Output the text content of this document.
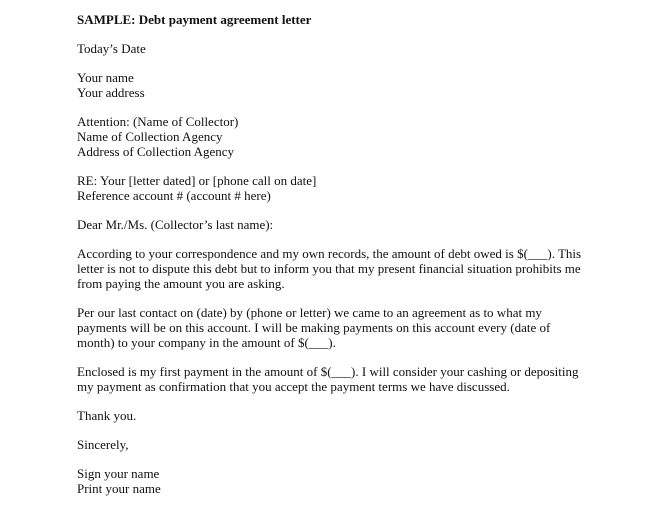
SAMPLE: Debt payment agreement letter
Today’s Date
Your name
Your address
Attention: (Name of Collector)
Name of Collection Agency
Address of Collection Agency
RE: Your [letter dated] or [phone call on date]
Reference account # (account # here)
Dear Mr./Ms. (Collector’s last name):
According to your correspondence and my own records, the amount of debt owed is $(___). This
letter is not to dispute this debt but to inform you that my present financial situation prohibits me
from paying the amount you are asking.
Per our last contact on (date) by (phone or letter) we came to an agreement as to what my
payments will be on this account. I will be making payments on this account every (date of
month) to your company in the amount of $(___).
Enclosed is my first payment in the amount of $(___). I will consider your cashing or depositing
my payment as confirmation that you accept the payment terms we have discussed.
Thank you.
Sincerely,
Sign your name
Print your name
